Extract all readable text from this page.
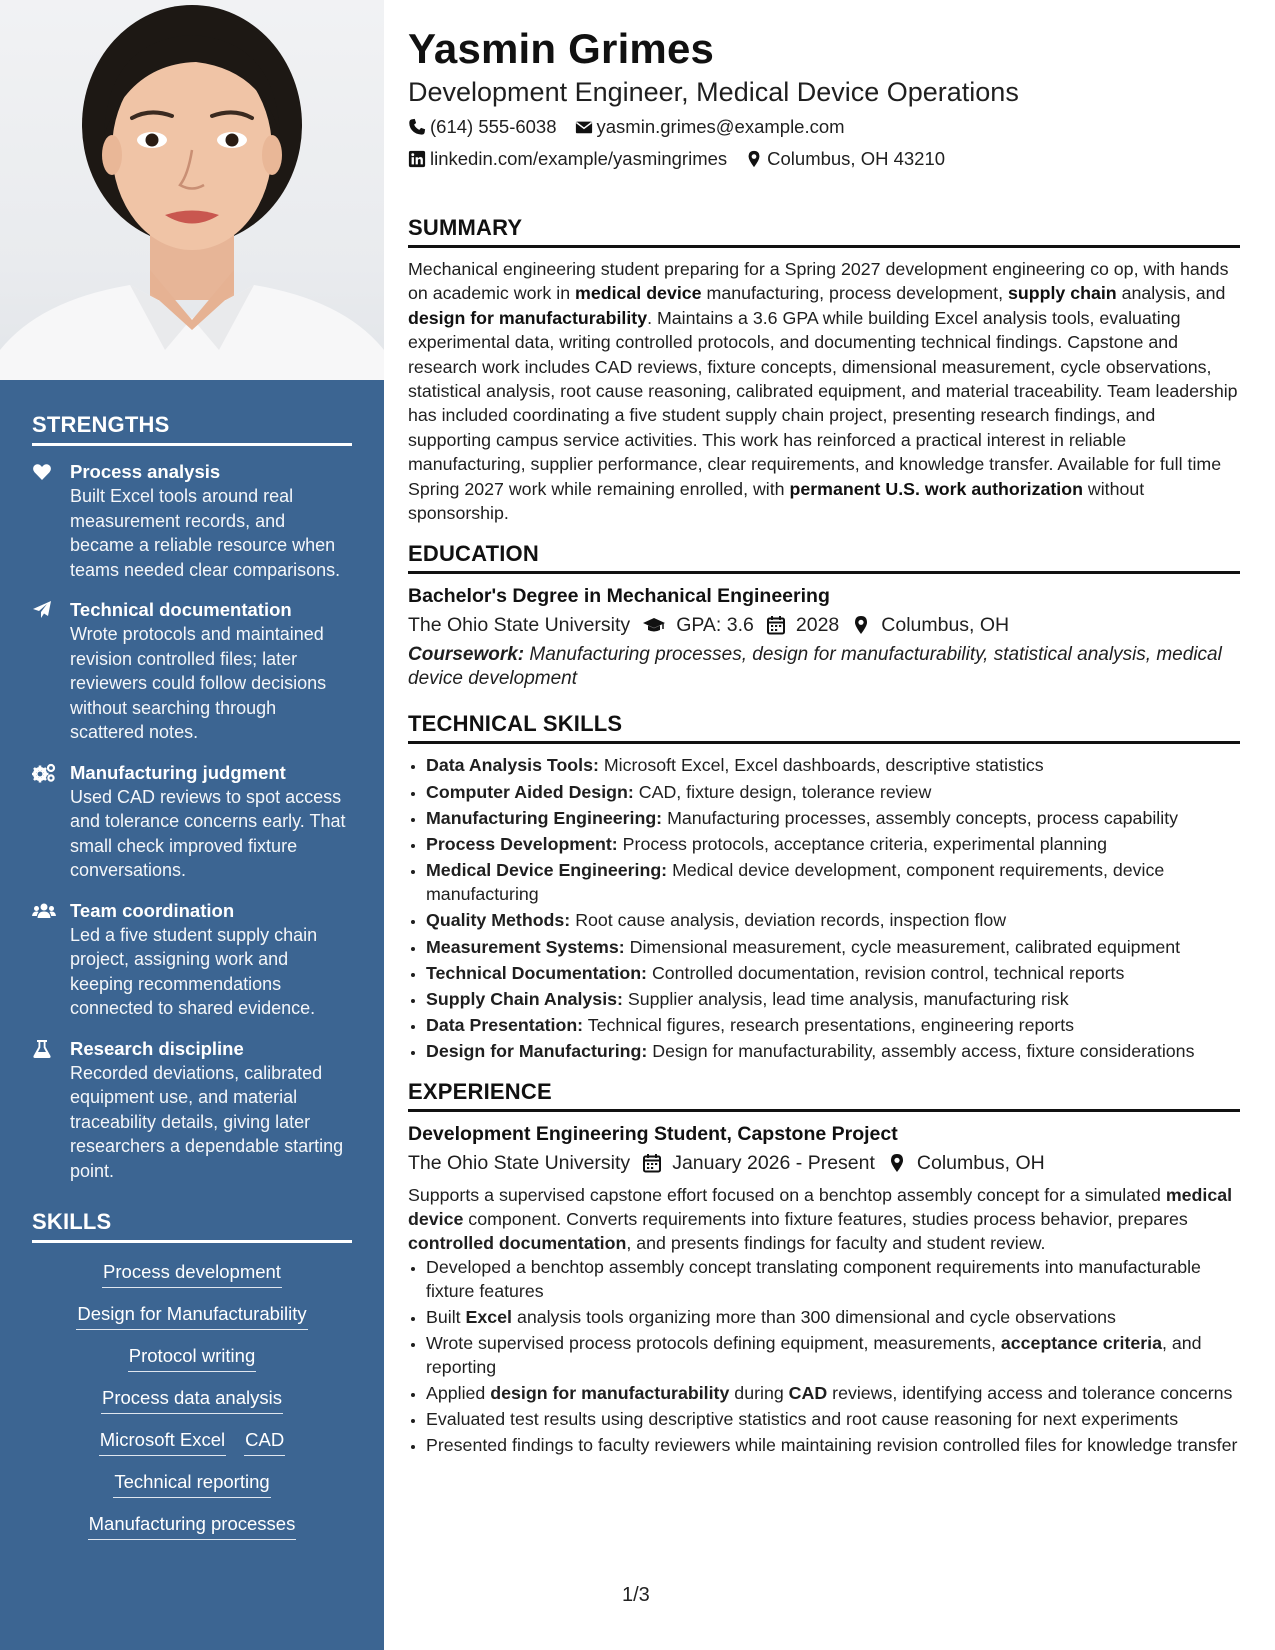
STRENGTHS
Process analysis
Built Excel tools around real measurement records, and became a reliable resource when teams needed clear comparisons.
Technical documentation
Wrote protocols and maintained revision controlled files; later reviewers could follow decisions without searching through scattered notes.
Manufacturing judgment
Used CAD reviews to spot access and tolerance concerns early. That small check improved fixture conversations.
Team coordination
Led a five student supply chain project, assigning work and keeping recommendations connected to shared evidence.
Research discipline
Recorded deviations, calibrated equipment use, and material traceability details, giving later researchers a dependable starting point.
SKILLS
Process development
Design for Manufacturability
Protocol writing
Process data analysis
Microsoft Excel CAD
Technical reporting
Manufacturing processes
Yasmin Grimes
Development Engineer, Medical Device Operations
(614) 555-6038 yasmin.grimes@example.com
linkedin.com/example/yasmingrimes Columbus, OH 43210
SUMMARY
Mechanical engineering student preparing for a Spring 2027 development engineering co op, with hands on academic work in medical device manufacturing, process development, supply chain analysis, and design for manufacturability. Maintains a 3.6 GPA while building Excel analysis tools, evaluating experimental data, writing controlled protocols, and documenting technical findings. Capstone and research work includes CAD reviews, fixture concepts, dimensional measurement, cycle observations, statistical analysis, root cause reasoning, calibrated equipment, and material traceability. Team leadership has included coordinating a five student supply chain project, presenting research findings, and supporting campus service activities. This work has reinforced a practical interest in reliable manufacturing, supplier performance, clear requirements, and knowledge transfer. Available for full time Spring 2027 work while remaining enrolled, with permanent U.S. work authorization without sponsorship.
EDUCATION
Bachelor's Degree in Mechanical Engineering
The Ohio State University GPA: 3.6 2028 Columbus, OH
Coursework: Manufacturing processes, design for manufacturability, statistical analysis, medical device development
TECHNICAL SKILLS
• Data Analysis Tools: Microsoft Excel, Excel dashboards, descriptive statistics
• Computer Aided Design: CAD, fixture design, tolerance review
• Manufacturing Engineering: Manufacturing processes, assembly concepts, process capability
• Process Development: Process protocols, acceptance criteria, experimental planning
• Medical Device Engineering: Medical device development, component requirements, device manufacturing
• Quality Methods: Root cause analysis, deviation records, inspection flow
• Measurement Systems: Dimensional measurement, cycle measurement, calibrated equipment
• Technical Documentation: Controlled documentation, revision control, technical reports
• Supply Chain Analysis: Supplier analysis, lead time analysis, manufacturing risk
• Data Presentation: Technical figures, research presentations, engineering reports
• Design for Manufacturing: Design for manufacturability, assembly access, fixture considerations
EXPERIENCE
Development Engineering Student, Capstone Project
The Ohio State University January 2026 - Present Columbus, OH
Supports a supervised capstone effort focused on a benchtop assembly concept for a simulated medical device component. Converts requirements into fixture features, studies process behavior, prepares controlled documentation, and presents findings for faculty and student review.
• Developed a benchtop assembly concept translating component requirements into manufacturable fixture features
• Built Excel analysis tools organizing more than 300 dimensional and cycle observations
• Wrote supervised process protocols defining equipment, measurements, acceptance criteria, and reporting
• Applied design for manufacturability during CAD reviews, identifying access and tolerance concerns
• Evaluated test results using descriptive statistics and root cause reasoning for next experiments
• Presented findings to faculty reviewers while maintaining revision controlled files for knowledge transfer
1/3
